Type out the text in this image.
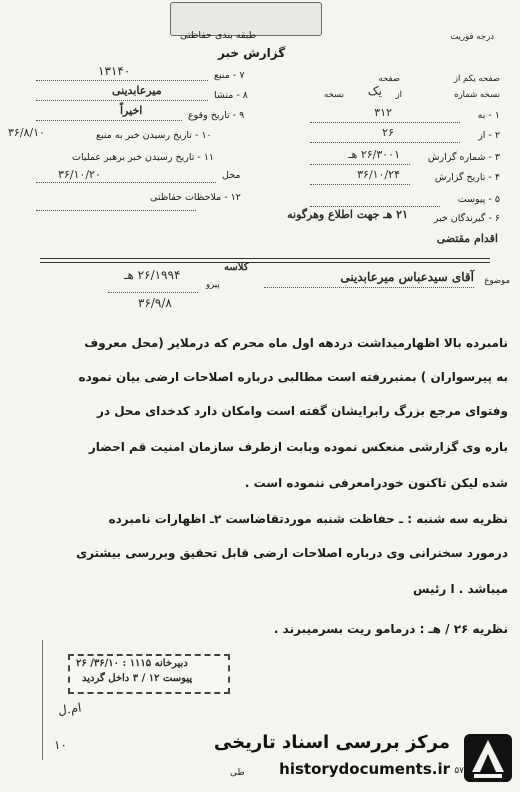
طبقه بندی حفاظتی
گزارش خبر
درجه فوریت
صفحه یکم از
صفحه
نسخه شماره
از
یک
نسخه
۱ - به
۳۱۲
۲ - از
۲۶
۳ - شماره گزارش
۲۶/۳۰۰۱ هـ
۴ - تاریخ گزارش
۳۶/۱۰/۲۴
۵ - پیوست
۶ - گیرندگان خبر
۲۱ هـ جهت اطلاع وهرگونه
اقدام مقتضی
۷ - منبع
۱۳۱۴۰
۸ - منشا
میرعابدینی
۹ - تاریخ وقوع
اخیراً
۱۰ - تاریخ رسیدن خبر به منبع
۳۶/۸/۱۰
۱۱ - تاریخ رسیدن خبر برهبر عملیات
محل
۳۶/۱۰/۲۰
۱۲ - ملاحظات حفاظتی
موضوع
آقای سیدعباس میرعابدینی
کلاسه
پیرو
۲۶/۱۹۹۴ هـ
۳۶/۹/۸
نامبرده بالا اظهارمیداشت دردهه اول ماه محرم که درملایر (محل معروف
به پیرسواران ) بمنبررفته است مطالبی درباره اصلاحات ارضی بیان نموده
وفتوای مرجع بزرگ رابرایشان گفته است وامکان دارد کدخدای محل در
باره وی گزارشی منعکس نموده وبابت ازطرف سازمان امنیت قم احضار
شده لیکن تاکنون خودرامعرفی ننموده است .
نظریه سه شنبه : ـ حفاظت شنبه موردتقاضاست ۲ـ اظهارات نامبرده
درمورد سخنرانی وی درباره اصلاحات ارضی قابل تحقیق وبررسی بیشتری
میباشد . ا رئیس
نظریه ۲۶ / هـ : درمامو ریت بسرمیبرند .
دبیرخانه ۱۱۱۵ : ۳۶/۱۰/ ۲۶
پیوست ۱۲ / ۳ داخل گردید
ام.ل
۱۰	مرکز بررسی اسناد تاریخی
historydocuments.ir
طی	۵۷
